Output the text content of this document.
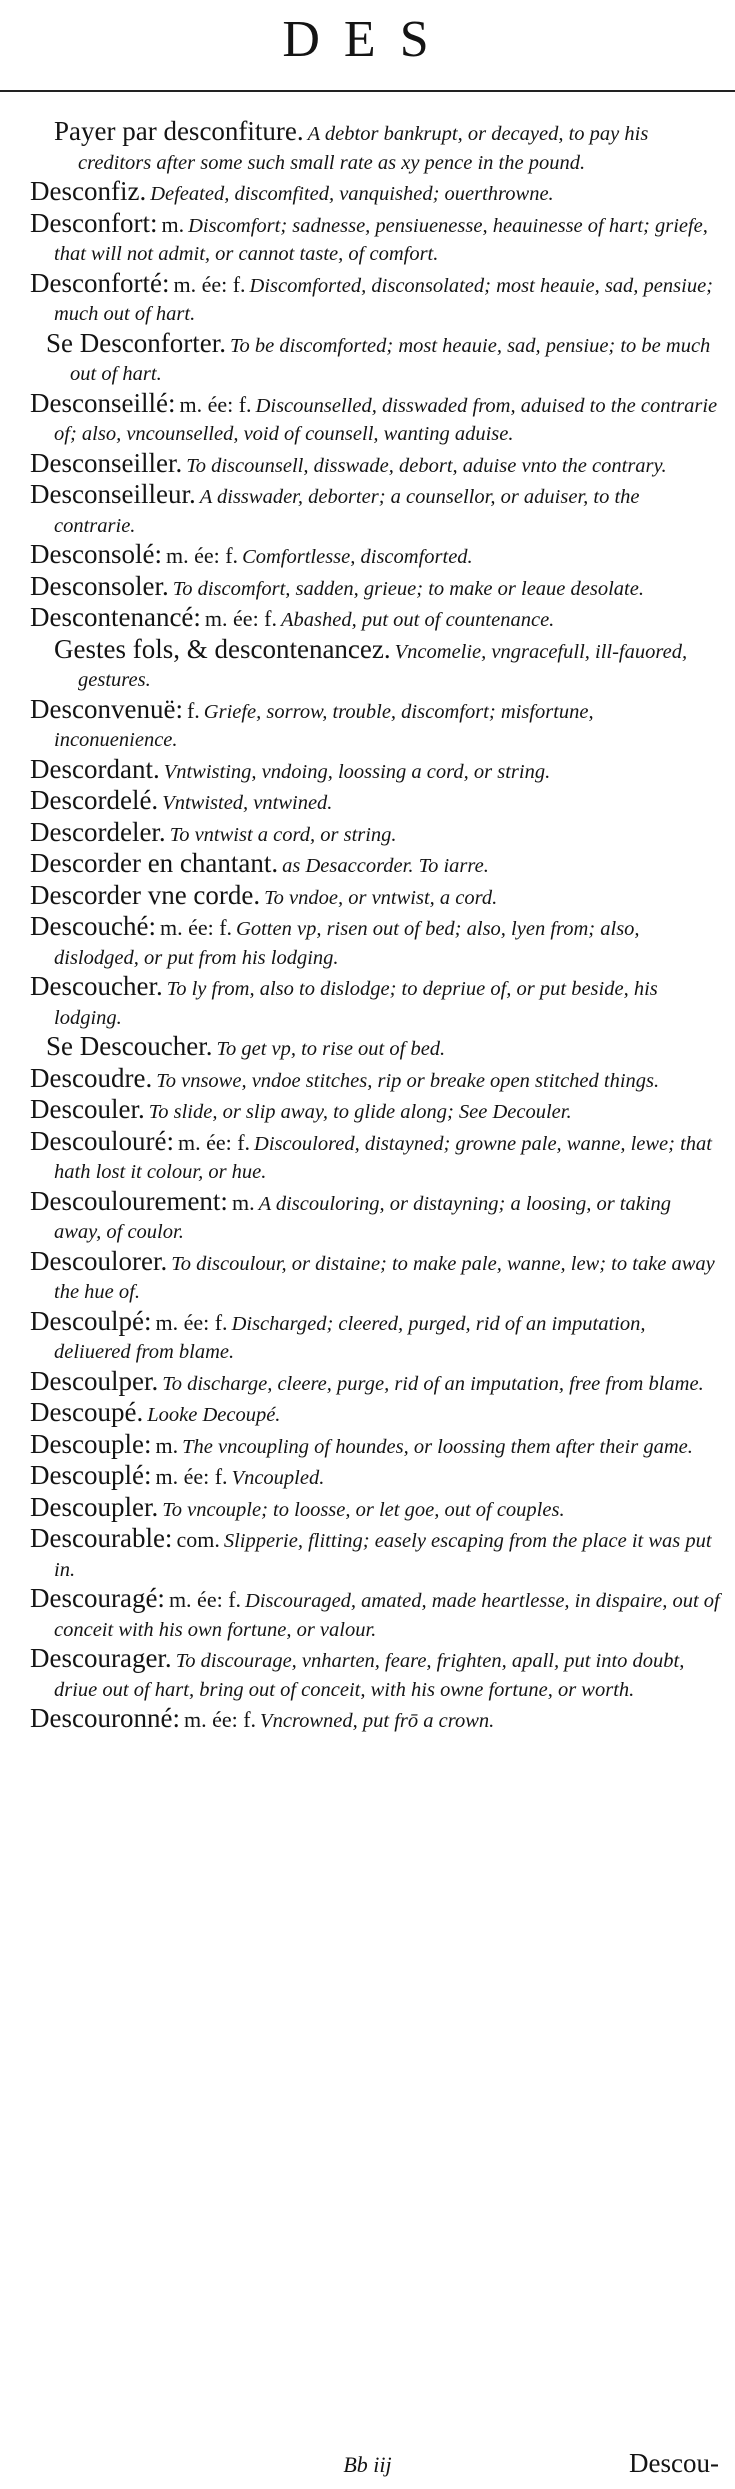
DES

Payer par desconfiture. A debtor bankrupt, or decayed, to pay his creditors after some such small rate as xy pence in the pound.

Desconfiz. Defeated, discomfited, vanquished; ouerthrowne.

Desconfort: m. Discomfort; sadnesse, pensiuenesse, heauinesse of hart; griefe, that will not admit, or cannot taste, of comfort.

Desconforté: m. ée: f. Discomforted, disconsolated; most heauie, sad, pensiue; much out of hart.

Se Desconforter. To be discomforted; most heauie, sad, pensiue; to be much out of hart.

Desconseillé: m. ée: f. Discounselled, disswaded from, aduised to the contrarie of; also, vncounselled, void of counsell, wanting aduise.

Desconseiller. To discounsell, disswade, debort, aduise vnto the contrary.

Desconseilleur. A disswader, deborter; a counsellor, or aduiser, to the contrarie.

Desconsolé: m. ée: f. Comfortlesse, discomforted.

Desconsoler. To discomfort, sadden, grieue; to make or leaue desolate.

Descontenancé: m. ée: f. Abashed, put out of countenance.

Gestes fols, & descontenancez. Vncomelie, vngracefull, ill-fauored, gestures.

Desconvenuë: f. Griefe, sorrow, trouble, discomfort; misfortune, inconuenience.

Descordant. Vntwisting, vndoing, loossing a cord, or string.

Descordelé. Vntwisted, vntwined.

Descordeler. To vntwist a cord, or string.

Descorder en chantant. as Desaccorder. To iarre.

Descorder vne corde. To vndoe, or vntwist, a cord.

Descouché: m. ée: f. Gotten vp, risen out of bed; also, lyen from; also, dislodged, or put from his lodging.

Descoucher. To ly from, also to dislodge; to depriue of, or put beside, his lodging.

Se Descoucher. To get vp, to rise out of bed.

Descoudre. To vnsowe, vndoe stitches, rip or breake open stitched things.

Descouler. To slide, or slip away, to glide along; See Decouler.

Descoulouré: m. ée: f. Discoulored, distayned; growne pale, wanne, lewe; that hath lost it colour, or hue.

Descoulourement: m. A discouloring, or distayning; a loosing, or taking away, of coulor.

Descoulorer. To discoulour, or distaine; to make pale, wanne, lew; to take away the hue of.

Descoulpé: m. ée: f. Discharged; cleered, purged, rid of an imputation, deliuered from blame.

Descoulper. To discharge, cleere, purge, rid of an imputation, free from blame.

Descoupé. Looke Decoupé.

Descouple: m. The vncoupling of houndes, or loossing them after their game.

Descouplé: m. ée: f. Vncoupled.

Descoupler. To vncouple; to loosse, or let goe, out of couples.

Descourable: com. Slipperie, flitting; easely escaping from the place it was put in.

Descouragé: m. ée: f. Discouraged, amated, made heartlesse, in dispaire, out of conceit with his own fortune, or valour.

Descourager. To discourage, vnharten, feare, frighten, apall, put into doubt, driue out of hart, bring out of conceit, with his owne fortune, or worth.

Descouronné: m. ée: f. Vncrowned, put frō a crown.

Bb iij	Descou-
